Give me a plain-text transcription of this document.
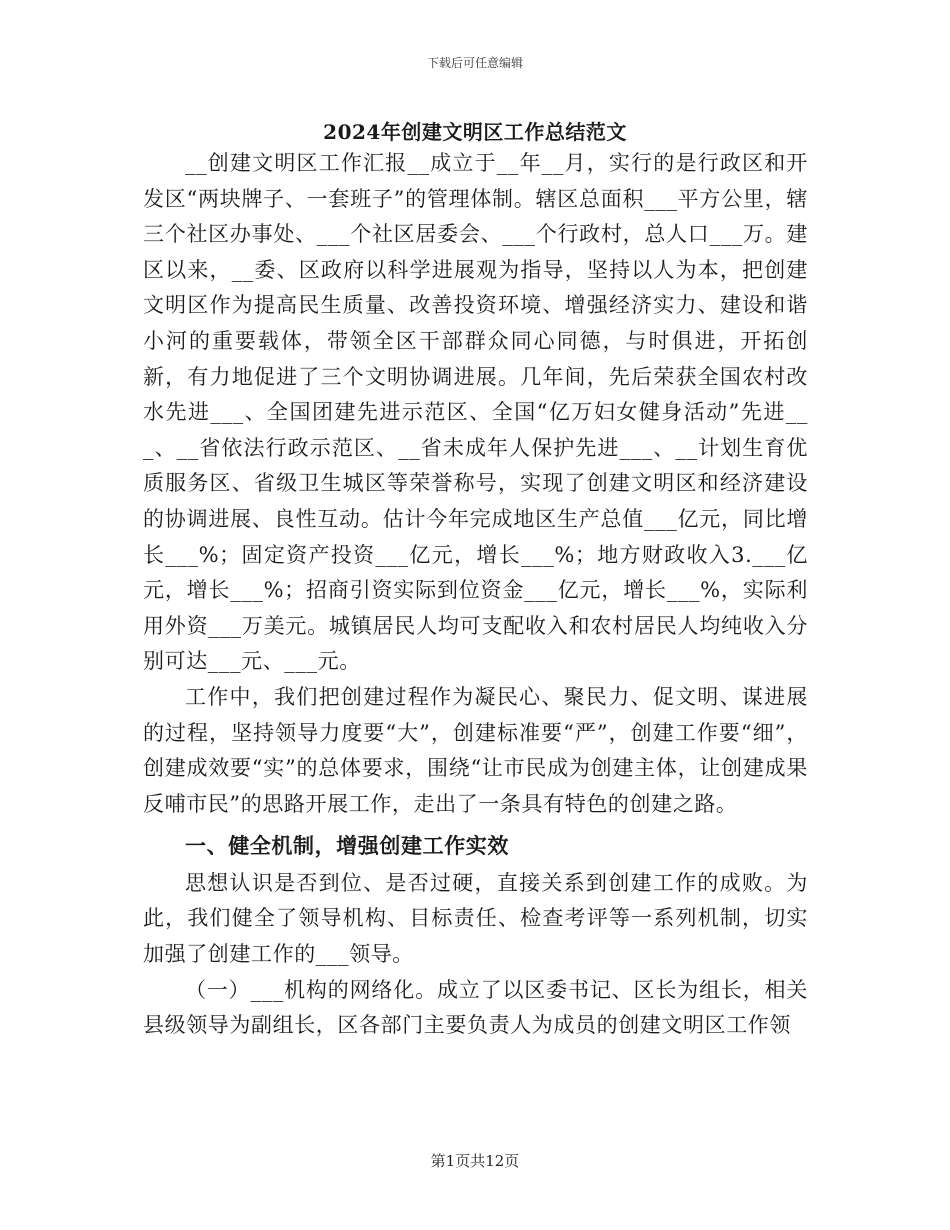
下载后可任意编辑
2024年创建文明区工作总结范文

__创建文明区工作汇报__成立于__年__月，实行的是行政区和开发区“两块牌子、一套班子”的管理体制。辖区总面积___平方公里，辖三个社区办事处、___个社区居委会、___个行政村，总人口___万。建区以来，__委、区政府以科学进展观为指导，坚持以人为本，把创建文明区作为提高民生质量、改善投资环境、增强经济实力、建设和谐小河的重要载体，带领全区干部群众同心同德，与时俱进，开拓创新，有力地促进了三个文明协调进展。几年间，先后荣获全国农村改水先进___、全国团建先进示范区、全国“亿万妇女健身活动”先进___、__省依法行政示范区、__省未成年人保护先进___、__计划生育优质服务区、省级卫生城区等荣誉称号，实现了创建文明区和经济建设的协调进展、良性互动。估计今年完成地区生产总值___亿元，同比增长___%；固定资产投资___亿元，增长___%；地方财政收入3.___亿元，增长___%；招商引资实际到位资金___亿元，增长___%，实际利用外资___万美元。城镇居民人均可支配收入和农村居民人均纯收入分别可达___元、___元。

工作中，我们把创建过程作为凝民心、聚民力、促文明、谋进展的过程，坚持领导力度要“大”，创建标准要“严”，创建工作要“细”，创建成效要“实”的总体要求，围绕“让市民成为创建主体，让创建成果反哺市民”的思路开展工作，走出了一条具有特色的创建之路。

一、健全机制，增强创建工作实效

思想认识是否到位、是否过硬，直接关系到创建工作的成败。为此，我们健全了领导机构、目标责任、检查考评等一系列机制，切实加强了创建工作的___领导。

（一）___机构的网络化。成立了以区委书记、区长为组长，相关县级领导为副组长，区各部门主要负责人为成员的创建文明区工作领

第1页共12页
